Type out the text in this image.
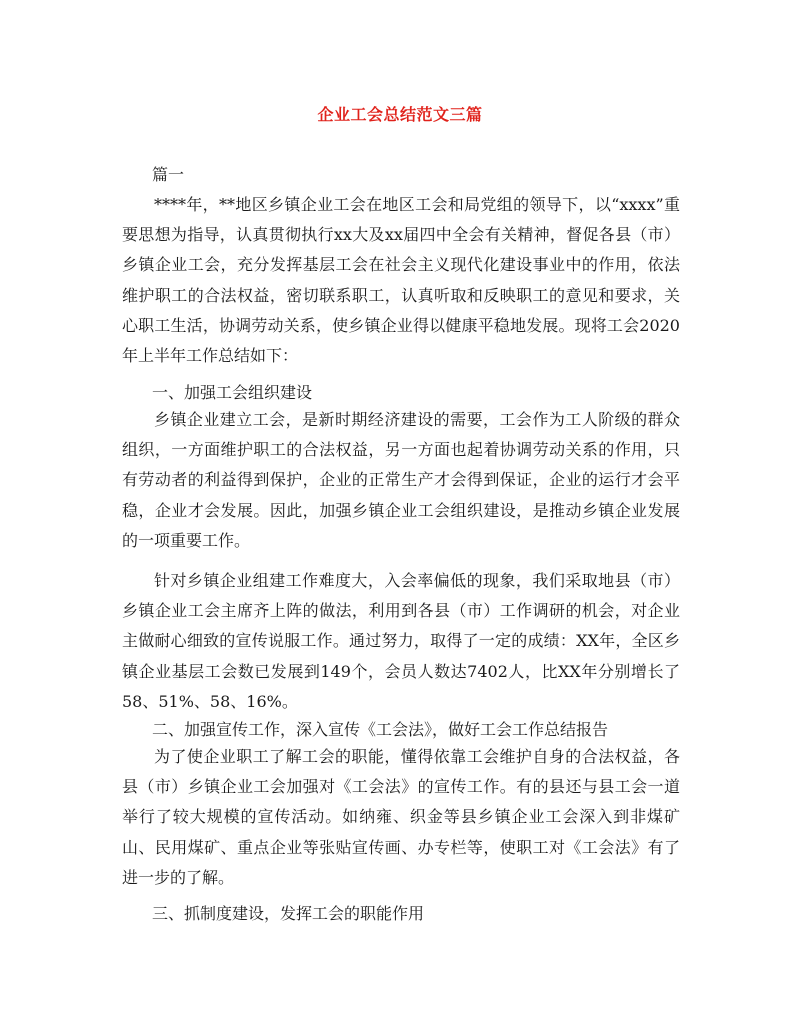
企业工会总结范文三篇
篇一

****年，**地区乡镇企业工会在地区工会和局党组的领导下，以“xxxx”重要思想为指导，认真贯彻执行xx大及xx届四中全会有关精神，督促各县（市）乡镇企业工会，充分发挥基层工会在社会主义现代化建设事业中的作用，依法维护职工的合法权益，密切联系职工，认真听取和反映职工的意见和要求，关心职工生活，协调劳动关系，使乡镇企业得以健康平稳地发展。现将工会2020年上半年工作总结如下：

一、加强工会组织建设

乡镇企业建立工会，是新时期经济建设的需要，工会作为工人阶级的群众组织，一方面维护职工的合法权益，另一方面也起着协调劳动关系的作用，只有劳动者的利益得到保护，企业的正常生产才会得到保证，企业的运行才会平稳，企业才会发展。因此，加强乡镇企业工会组织建设，是推动乡镇企业发展的一项重要工作。

针对乡镇企业组建工作难度大，入会率偏低的现象，我们采取地县（市）乡镇企业工会主席齐上阵的做法，利用到各县（市）工作调研的机会，对企业主做耐心细致的宣传说服工作。通过努力，取得了一定的成绩：XX年，全区乡镇企业基层工会数已发展到149个，会员人数达7402人，比XX年分别增长了58、51%、58、16%。

二、加强宣传工作，深入宣传《工会法》，做好工会工作总结报告

为了使企业职工了解工会的职能，懂得依靠工会维护自身的合法权益，各县（市）乡镇企业工会加强对《工会法》的宣传工作。有的县还与县工会一道举行了较大规模的宣传活动。如纳雍、织金等县乡镇企业工会深入到非煤矿山、民用煤矿、重点企业等张贴宣传画、办专栏等，使职工对《工会法》有了进一步的了解。

三、抓制度建设，发挥工会的职能作用
